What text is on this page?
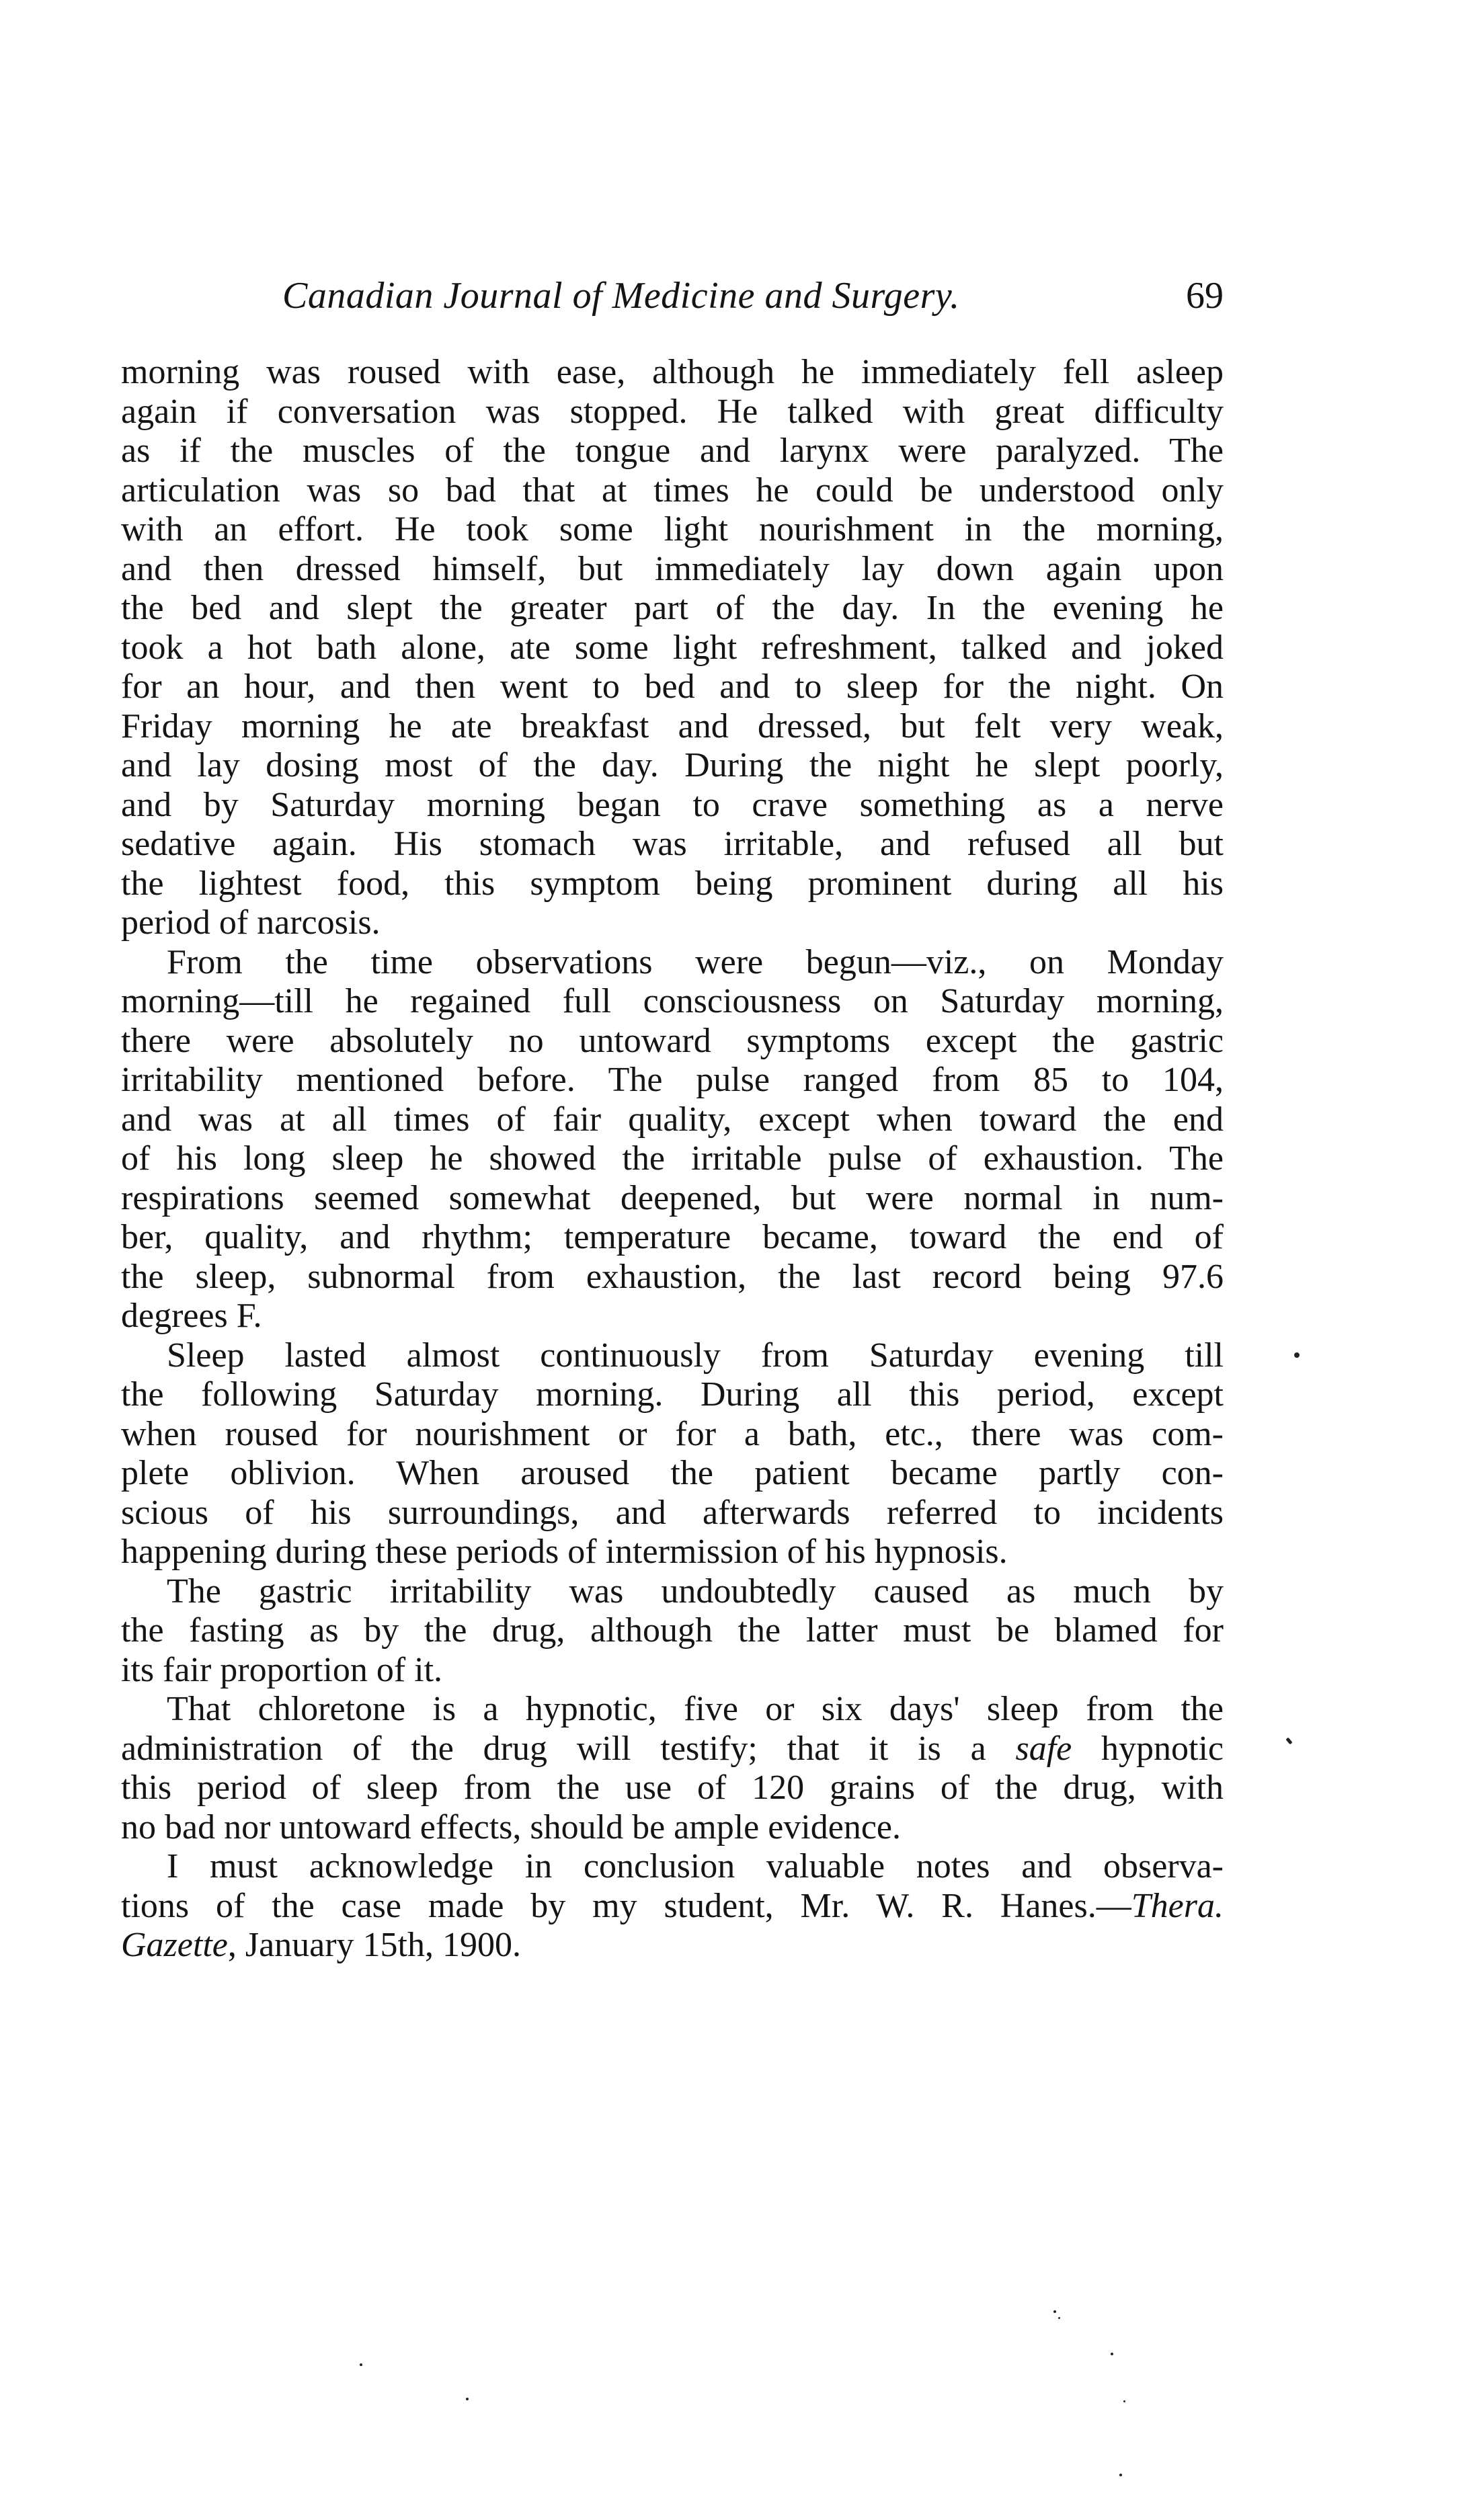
Canadian Journal of Medicine and Surgery.	69
morning was roused with ease, although he immediately fell asleep
again if conversation was stopped. He talked with great difficulty
as if the muscles of the tongue and larynx were paralyzed. The
articulation was so bad that at times he could be understood only
with an effort. He took some light nourishment in the morning,
and then dressed himself, but immediately lay down again upon
the bed and slept the greater part of the day. In the evening he
took a hot bath alone, ate some light refreshment, talked and joked
for an hour, and then went to bed and to sleep for the night. On
Friday morning he ate breakfast and dressed, but felt very weak,
and lay dosing most of the day. During the night he slept poorly,
and by Saturday morning began to crave something as a nerve
sedative again. His stomach was irritable, and refused all but
the lightest food, this symptom being prominent during all his
period of narcosis.
From the time observations were begun—viz., on Monday
morning—till he regained full consciousness on Saturday morning,
there were absolutely no untoward symptoms except the gastric
irritability mentioned before. The pulse ranged from 85 to 104,
and was at all times of fair quality, except when toward the end
of his long sleep he showed the irritable pulse of exhaustion. The
respirations seemed somewhat deepened, but were normal in num-
ber, quality, and rhythm; temperature became, toward the end of
the sleep, subnormal from exhaustion, the last record being 97.6
degrees F.
Sleep lasted almost continuously from Saturday evening till
the following Saturday morning. During all this period, except
when roused for nourishment or for a bath, etc., there was com-
plete oblivion. When aroused the patient became partly con-
scious of his surroundings, and afterwards referred to incidents
happening during these periods of intermission of his hypnosis.
The gastric irritability was undoubtedly caused as much by
the fasting as by the drug, although the latter must be blamed for
its fair proportion of it.
That chloretone is a hypnotic, five or six days' sleep from the
administration of the drug will testify; that it is a safe hypnotic
this period of sleep from the use of 120 grains of the drug, with
no bad nor untoward effects, should be ample evidence.
I must acknowledge in conclusion valuable notes and observa-
tions of the case made by my student, Mr. W. R. Hanes.—Thera.
Gazette, January 15th, 1900.
